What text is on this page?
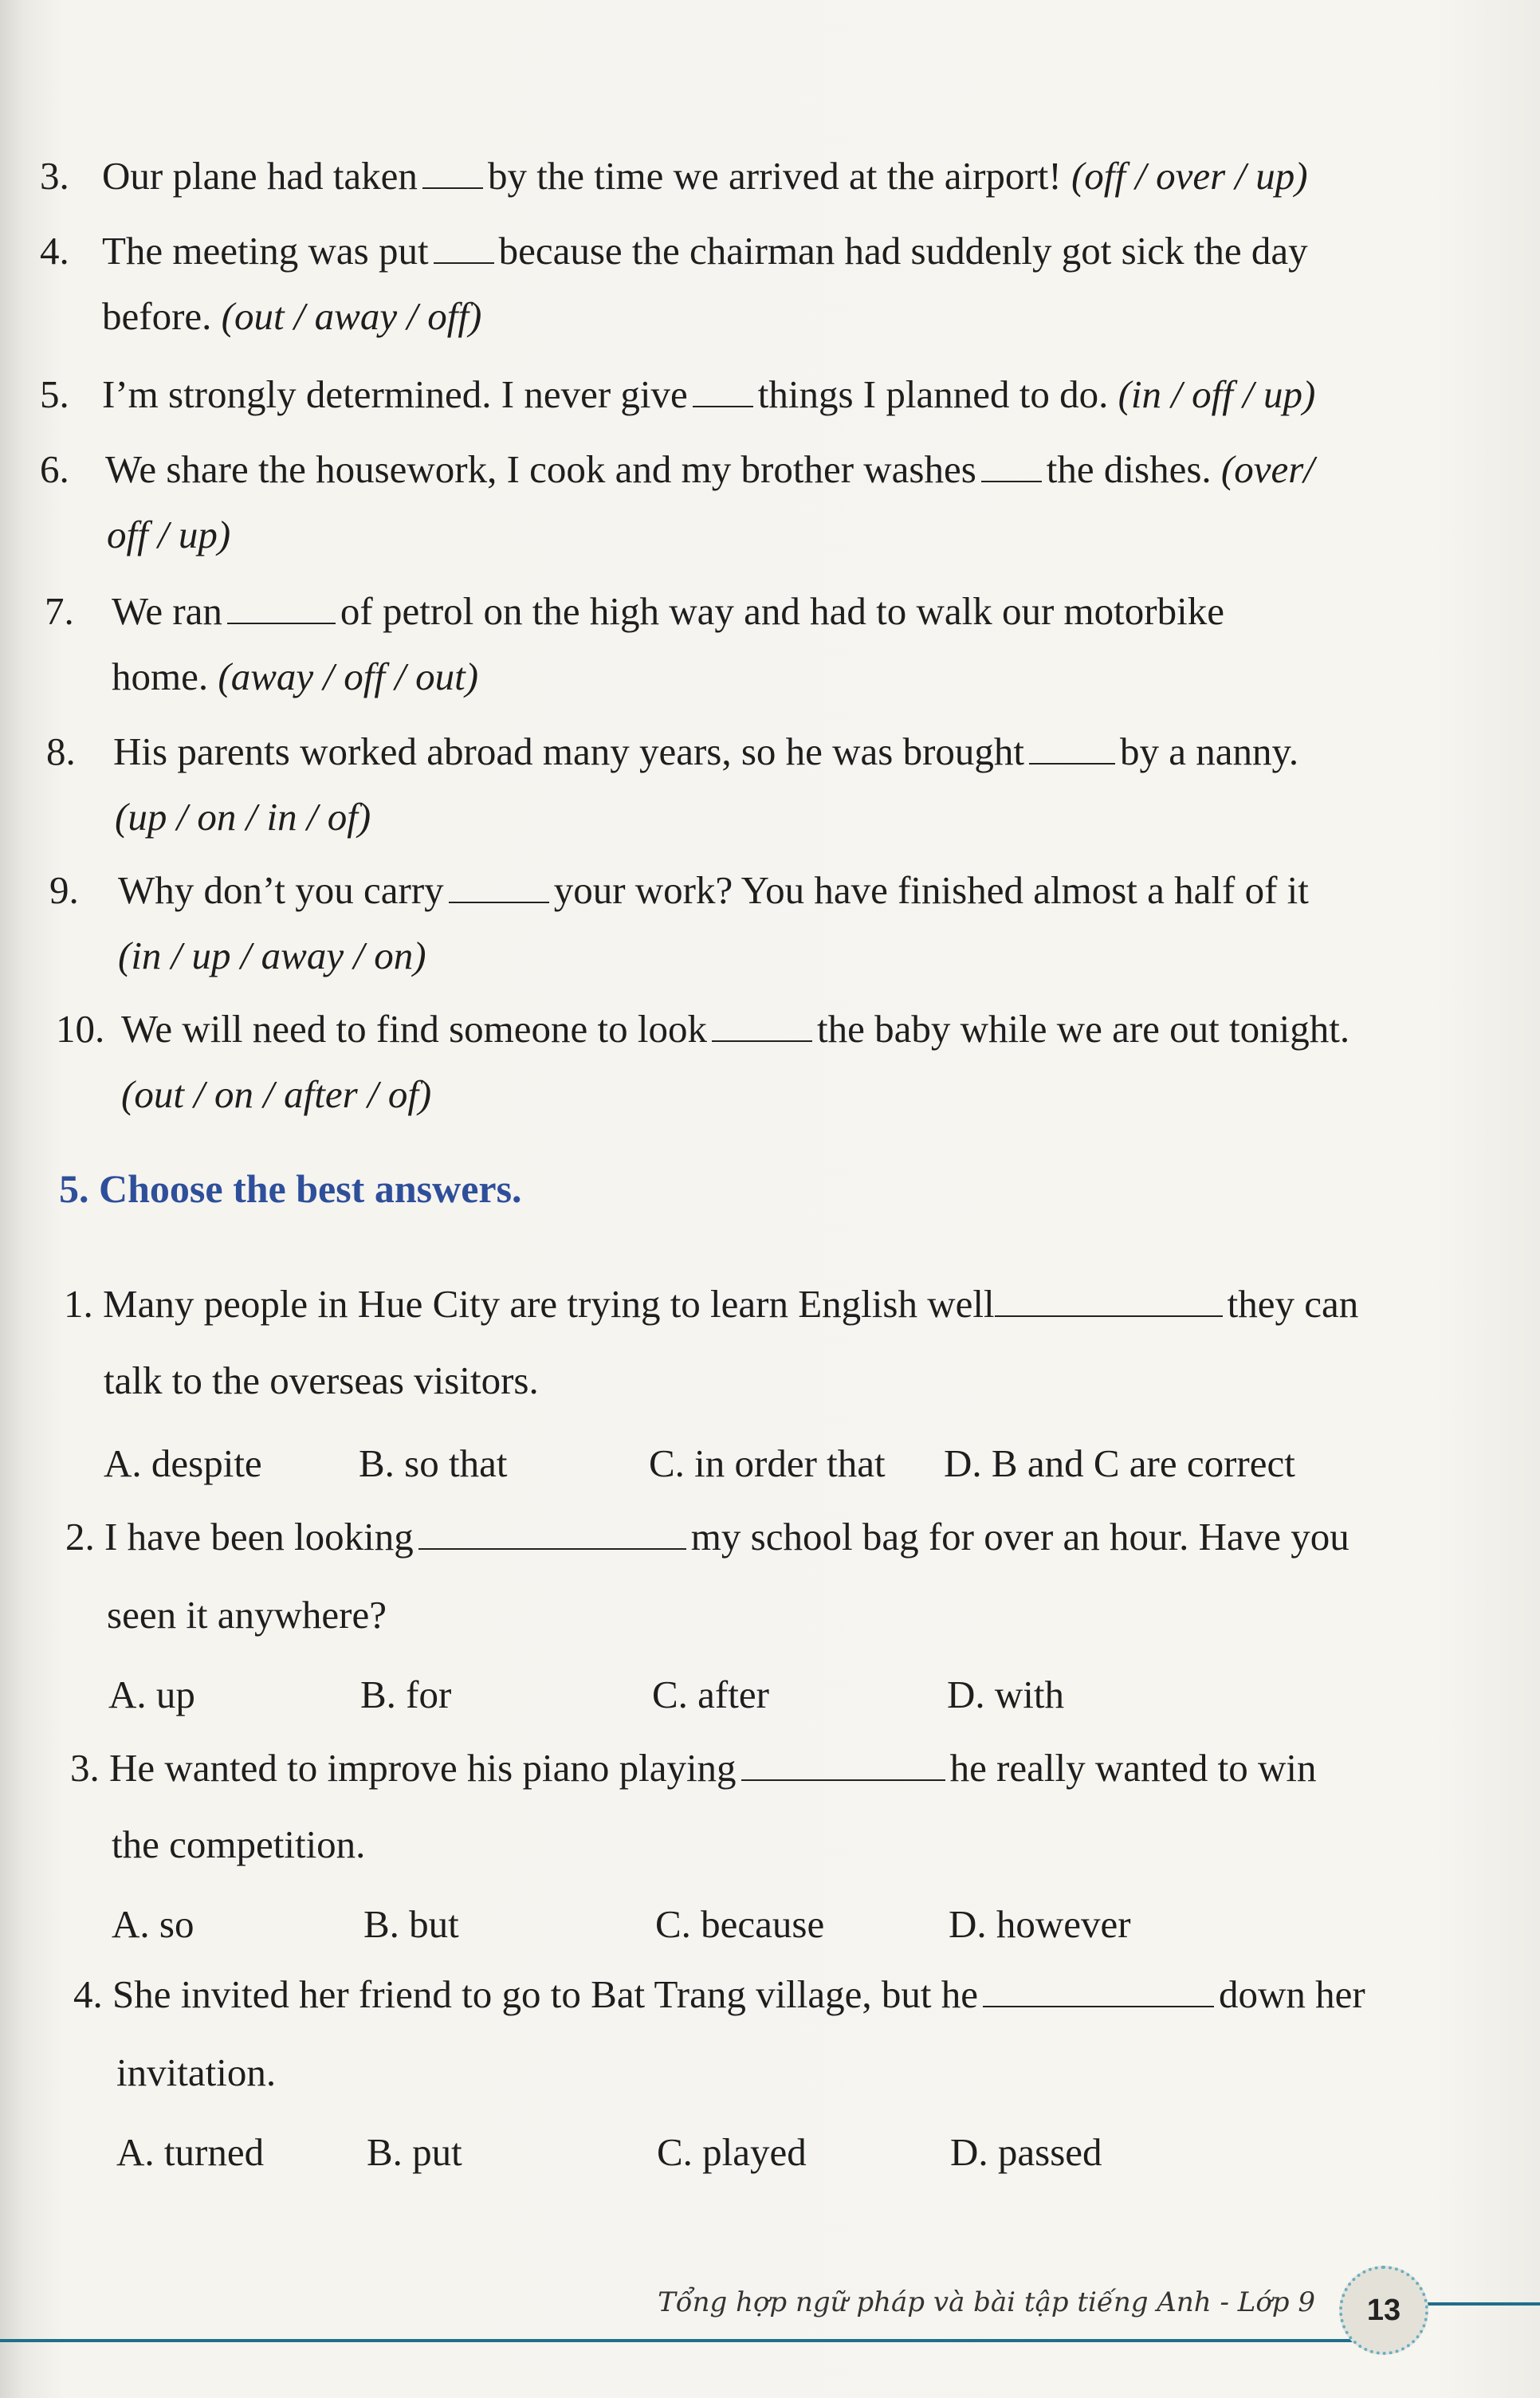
3. Our plane had taken by the time we arrived at the airport! (off / over / up)
4. The meeting was put because the chairman had suddenly got sick the day
before. (out / away / off)
5. I’m strongly determined. I never give things I planned to do. (in / off / up)
6. We share the housework, I cook and my brother washes the dishes. (over/
off / up)
7. We ran	of petrol on the high way and had to walk our motorbike
home. (away / off / out)
8. His parents worked abroad many years, so he was brought by a nanny.
(up / on / in / of)
9. Why don’t you carry	your work? You have finished almost a half of it
(in / up / away / on)
10. We will need to find someone to look	the baby while we are out tonight.
(out / on / after / of)
5. Choose the best answers.
1. Many people in Hue City are trying to learn English well	they can
talk to the overseas visitors.
A. despite B. so that	C. in order that D. B and C are correct
2. I have been looking	my school bag for over an hour. Have you
seen it anywhere?
A. up	B. for	C. after	D. with
3. He wanted to improve his piano playing	he really wanted to win
the competition.
A. so	B. but	C. because	D. however
4. She invited her friend to go to Bat Trang village, but he	down her
invitation.
A. turned	B. put	C. played	D. passed
Tổng hợp ngữ pháp và bài tập tiếng Anh - Lớp 9	13
